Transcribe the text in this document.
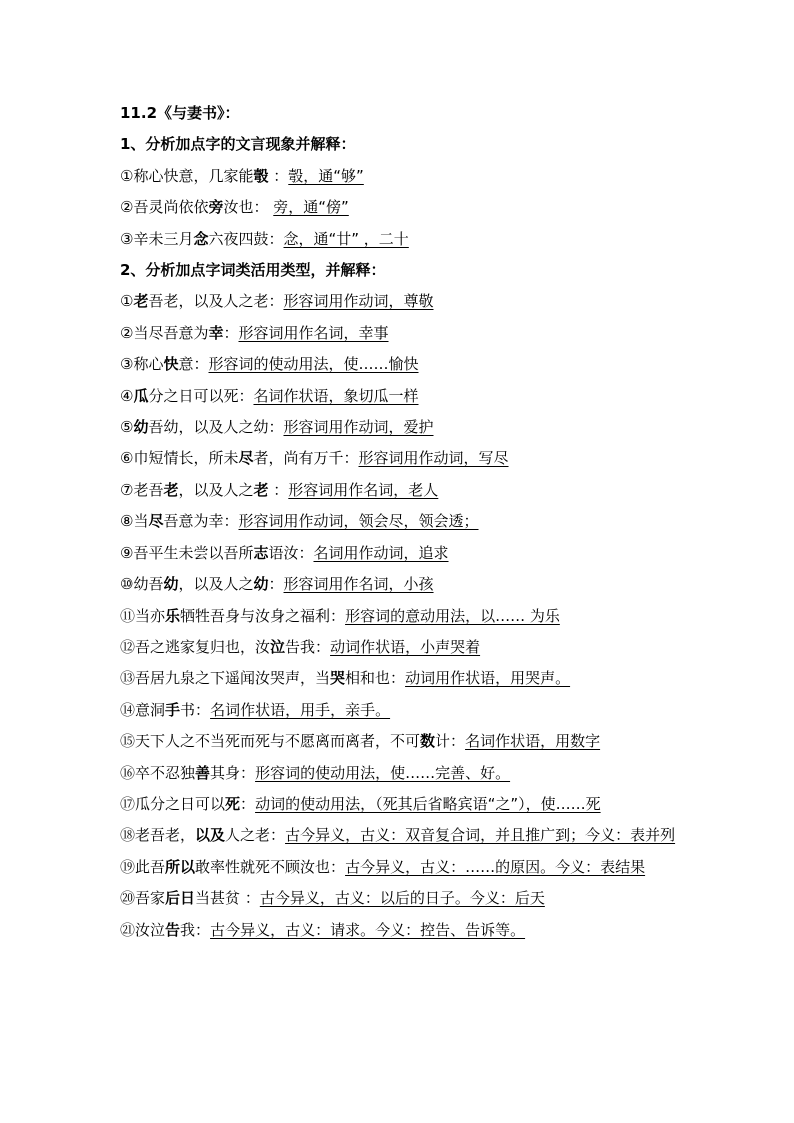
11.2《与妻书》：
1、分析加点字的文言现象并解释：
①称心快意，几家能彀 ：彀，通“够”
②吾灵尚依依旁汝也： 旁，通“傍”
③辛未三月念六夜四鼓：念，通“廿” ，二十
2、分析加点字词类活用类型，并解释：
①老吾老，以及人之老：形容词用作动词，尊敬
②当尽吾意为幸：形容词用作名词，幸事
③称心快意：形容词的使动用法，使……愉快
④瓜分之日可以死：名词作状语，象切瓜一样
⑤幼吾幼，以及人之幼：形容词用作动词，爱护
⑥巾短情长，所未尽者，尚有万千：形容词用作动词，写尽
⑦老吾老，以及人之老 ：形容词用作名词，老人
⑧当尽吾意为幸：形容词用作动词，领会尽，领会透；
⑨吾平生未尝以吾所志语汝：名词用作动词，追求
⑩幼吾幼，以及人之幼：形容词用作名词，小孩
⑪当亦乐牺牲吾身与汝身之福利：形容词的意动用法，以…… 为乐
⑫吾之逃家复归也，汝泣告我：动词作状语，小声哭着
⑬吾居九泉之下遥闻汝哭声，当哭相和也：动词用作状语，用哭声。
⑭意洞手书：名词作状语，用手，亲手。
⑮天下人之不当死而死与不愿离而离者，不可数计：名词作状语，用数字
⑯卒不忍独善其身：形容词的使动用法，使……完善、好。
⑰瓜分之日可以死：动词的使动用法，（死其后省略宾语“之”），使……死
⑱老吾老，以及人之老：古今异义，古义：双音复合词，并且推广到；今义：表并列
⑲此吾所以敢率性就死不顾汝也：古今异义，古义：……的原因。今义：表结果
⑳吾家后日当甚贫 ：古今异义，古义：以后的日子。今义：后天
㉑汝泣告我：古今异义，古义：请求。今义：控告、告诉等。
